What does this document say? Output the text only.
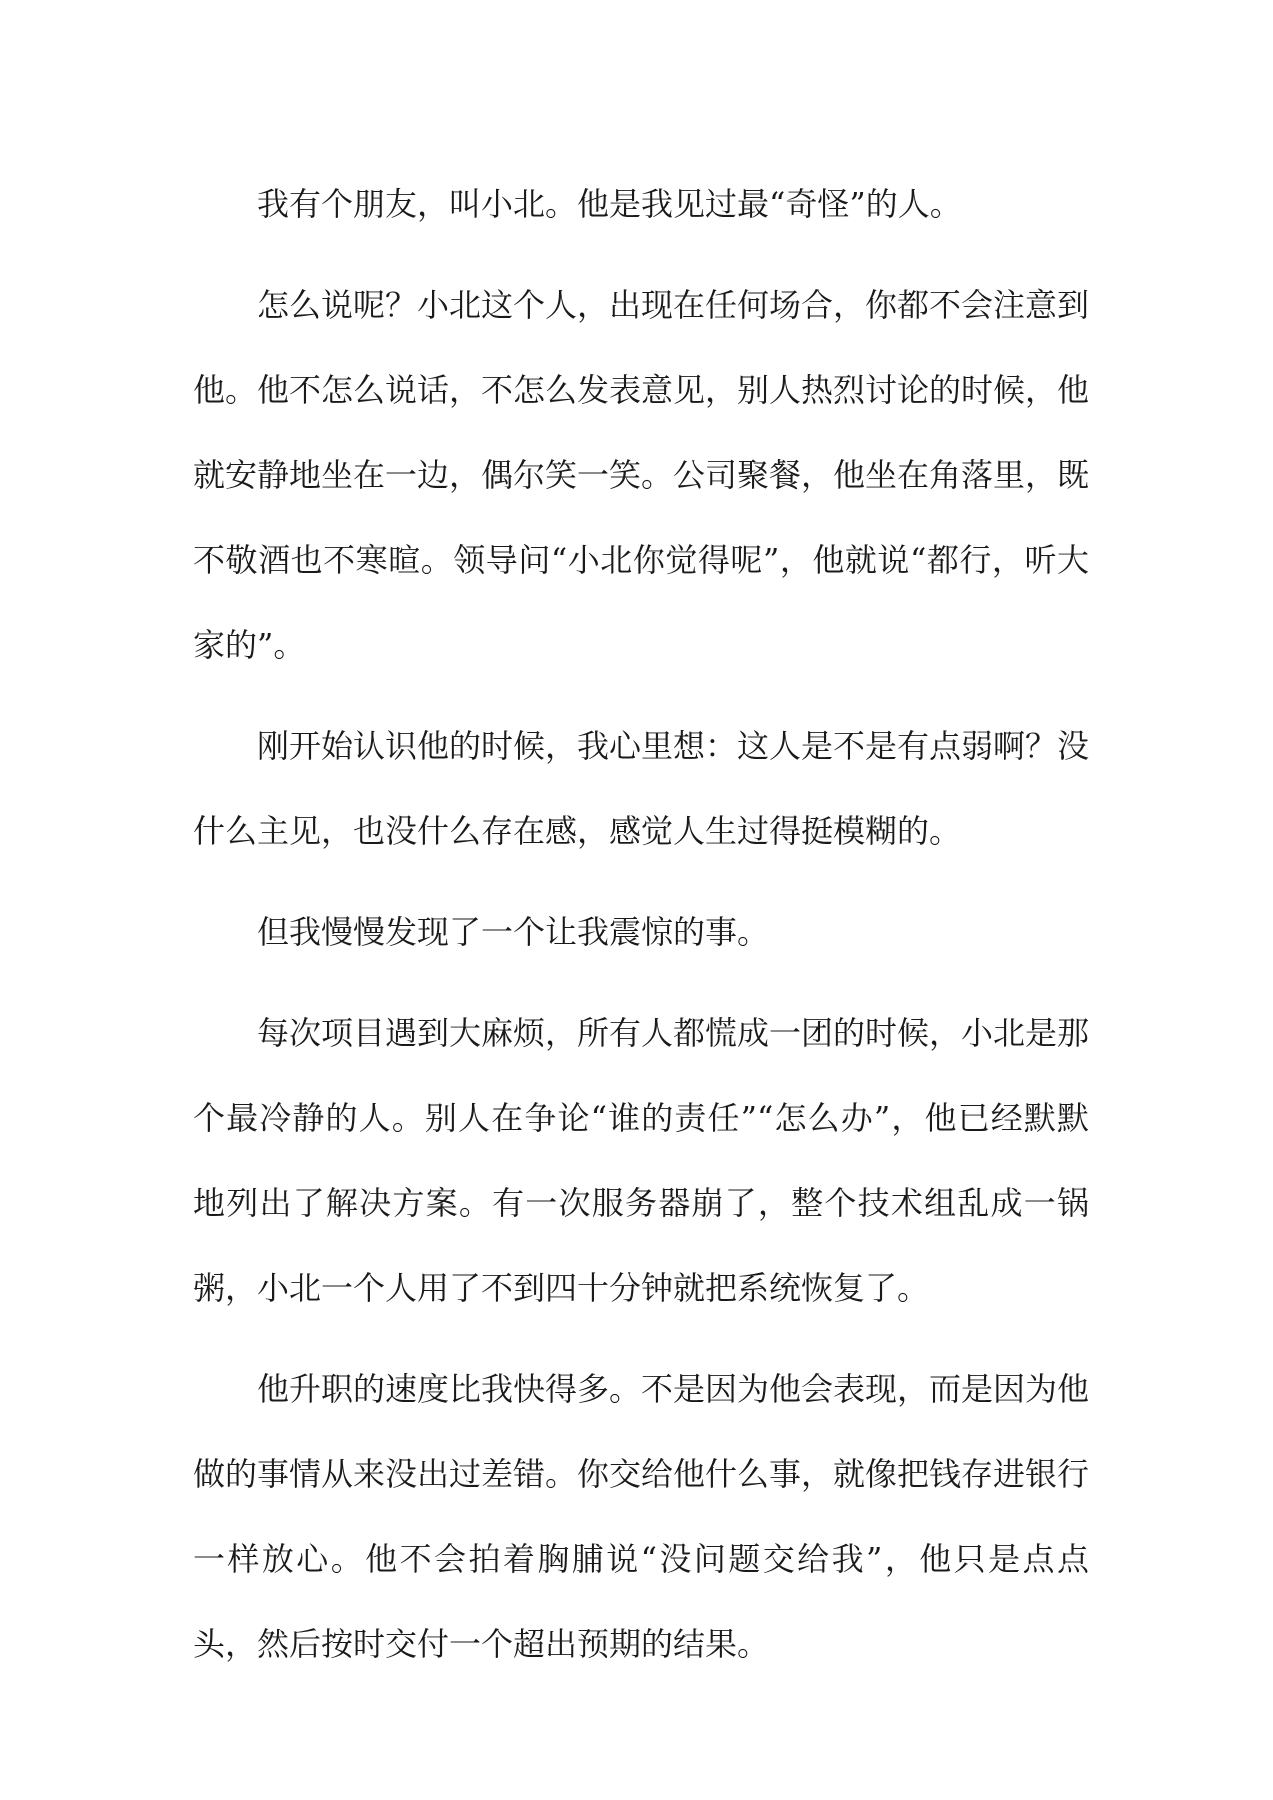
我有个朋友，叫小北。他是我见过最“奇怪”的人。

怎么说呢？小北这个人，出现在任何场合，你都不会注意到他。他不怎么说话，不怎么发表意见，别人热烈讨论的时候，他就安静地坐在一边，偶尔笑一笑。公司聚餐，他坐在角落里，既不敬酒也不寒暄。领导问“小北你觉得呢”，他就说“都行，听大家的”。

刚开始认识他的时候，我心里想：这人是不是有点弱啊？没什么主见，也没什么存在感，感觉人生过得挺模糊的。

但我慢慢发现了一个让我震惊的事。

每次项目遇到大麻烦，所有人都慌成一团的时候，小北是那个最冷静的人。别人在争论“谁的责任”“怎么办”，他已经默默地列出了解决方案。有一次服务器崩了，整个技术组乱成一锅粥，小北一个人用了不到四十分钟就把系统恢复了。

他升职的速度比我快得多。不是因为他会表现，而是因为他做的事情从来没出过差错。你交给他什么事，就像把钱存进银行一样放心。他不会拍着胸脯说“没问题交给我”，他只是点点头，然后按时交付一个超出预期的结果。
